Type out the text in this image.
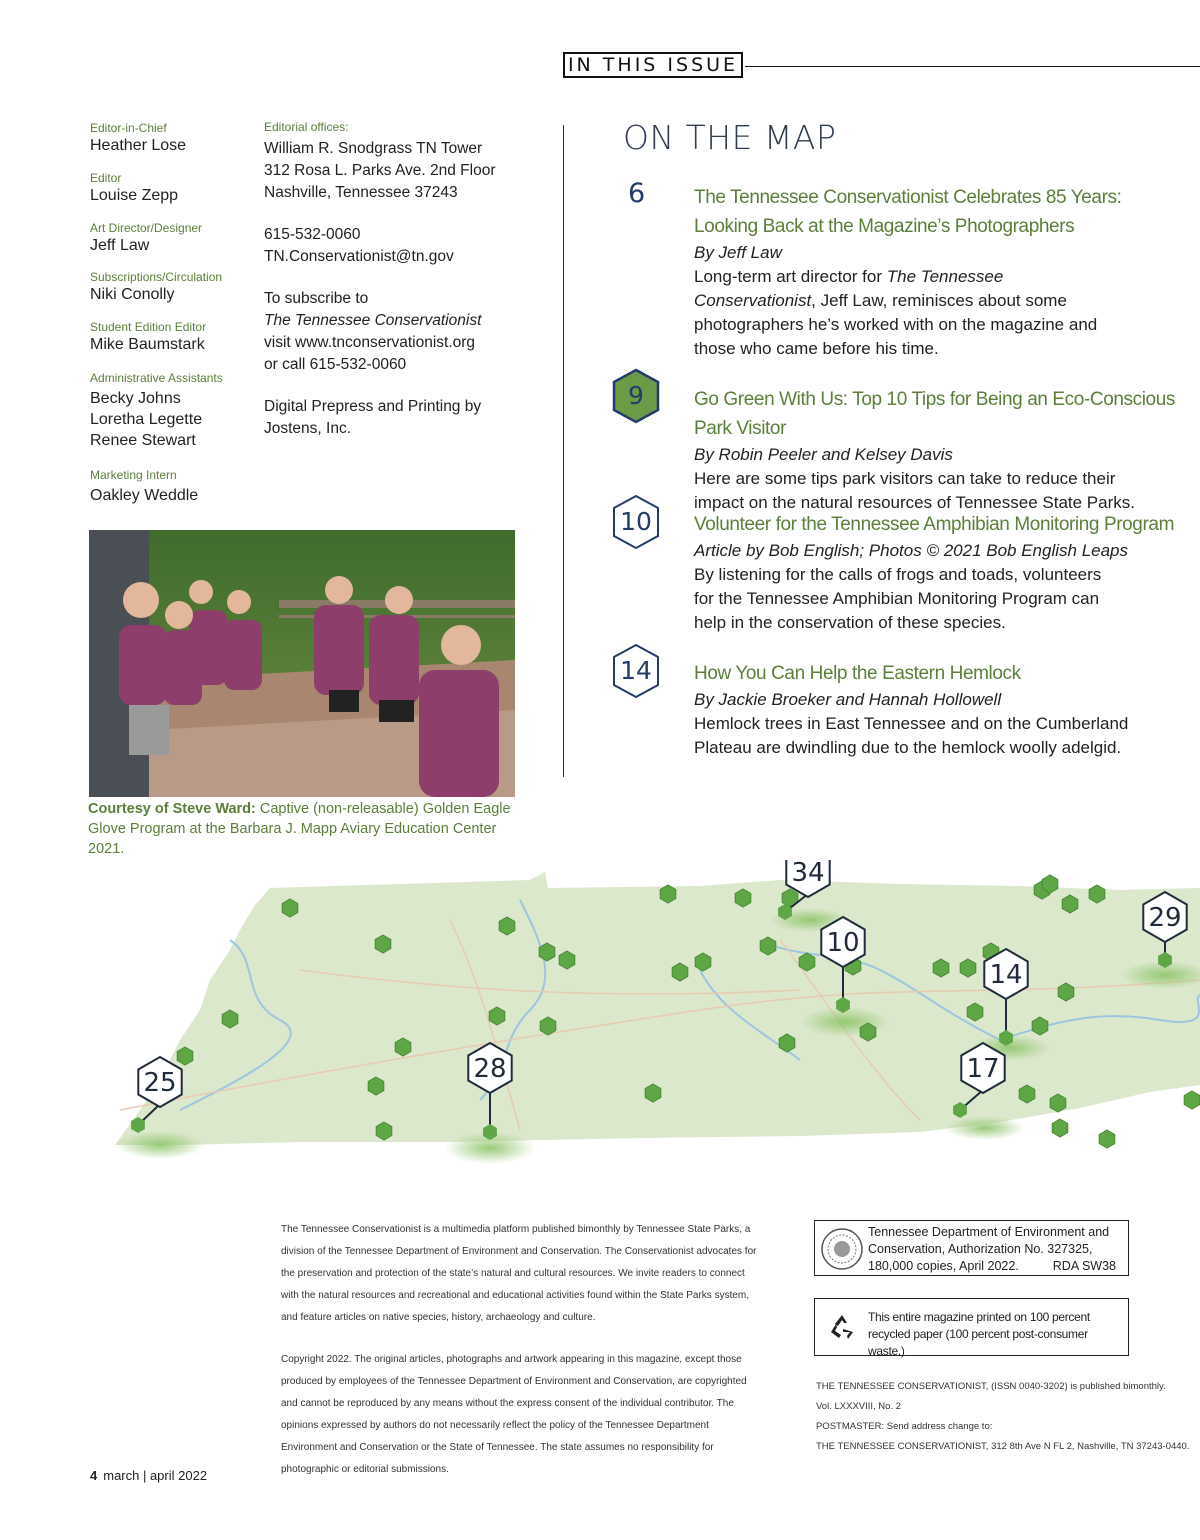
IN THIS ISSUE
Editor-in-Chief
Heather Lose
Editor
Louise Zepp
Art Director/Designer
Jeff Law
Subscriptions/Circulation
Niki Conolly
Student Edition Editor
Mike Baumstark
Administrative Assistants
Becky Johns
Loretha Legette
Renee Stewart
Marketing Intern
Oakley Weddle
Editorial offices:
William R. Snodgrass TN Tower
312 Rosa L. Parks Ave. 2nd Floor
Nashville, Tennessee 37243
615-532-0060
TN.Conservationist@tn.gov
To subscribe to
The Tennessee Conservationist
visit www.tnconservationist.org
or call 615-532-0060
Digital Prepress and Printing by
Jostens, Inc.
ON THE MAP
6	The Tennessee Conservationist Celebrates 85 Years:
Looking Back at the Magazine’s Photographers
By Jeff Law
Long-term art director for The Tennessee
Conservationist, Jeff Law, reminisces about some
photographers he’s worked with on the magazine and
those who came before his time.
9	Go Green With Us: Top 10 Tips for Being an Eco-Conscious Park Visitor
By Robin Peeler and Kelsey Davis
Here are some tips park visitors can take to reduce their
impact on the natural resources of Tennessee State Parks.
10	Volunteer for the Tennessee Amphibian Monitoring Program
Article by Bob English; Photos © 2021 Bob English Leaps
By listening for the calls of frogs and toads, volunteers
for the Tennessee Amphibian Monitoring Program can
help in the conservation of these species.
14	How You Can Help the Eastern Hemlock
By Jackie Broeker and Hannah Hollowell
Hemlock trees in East Tennessee and on the Cumberland
Plateau are dwindling due to the hemlock woolly adelgid.
Courtesy of Steve Ward: Captive (non-releasable) Golden Eagle Glove Program at the Barbara J. Mapp Aviary Education Center 2021.
34
10
29
14
17
28
25
The Tennessee Conservationist is a multimedia platform published bimonthly by Tennessee State Parks, a division of the Tennessee Department of Environment and Conservation. The Conservationist advocates for the preservation and protection of the state’s natural and cultural resources. We invite readers to connect with the natural resources and recreational and educational activities found within the State Parks system, and feature articles on native species, history, archaeology and culture.
Copyright 2022. The original articles, photographs and artwork appearing in this magazine, except those produced by employees of the Tennessee Department of Environment and Conservation, are copyrighted and cannot be reproduced by any means without the express consent of the individual contributor. The opinions expressed by authors do not necessarily reflect the policy of the Tennessee Department Environment and Conservation or the State of Tennessee. The state assumes no responsibility for photographic or editorial submissions.
Tennessee Department of Environment and Conservation, Authorization No. 327325, 180,000 copies, April 2022.	RDA SW38
This entire magazine printed on 100 percent recycled paper (100 percent post-consumer waste.)
THE TENNESSEE CONSERVATIONIST, (ISSN 0040-3202) is published bimonthly.
Vol. LXXXVIII, No. 2
POSTMASTER: Send address change to:
THE TENNESSEE CONSERVATIONIST, 312 8th Ave N FL 2, Nashville, TN 37243-0440.
4 march | april 2022
